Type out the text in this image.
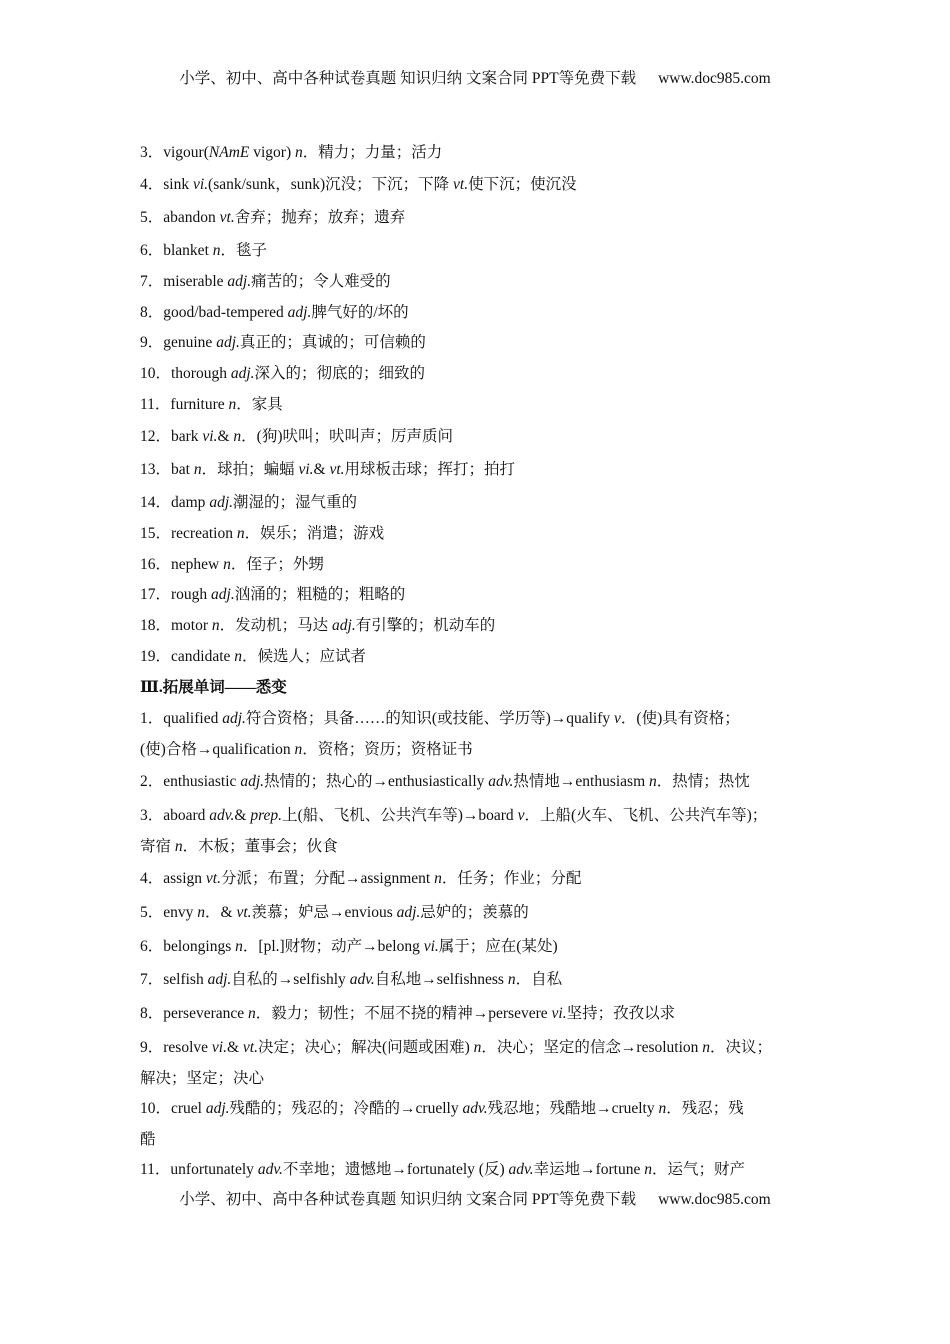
小学、初中、高中各种试卷真题 知识归纳 文案合同 PPT等免费下载 www.doc985.com
3．vigour(NAmE vigor) n．精力；力量；活力
4．sink vi.(sank/sunk，sunk)沉没；下沉；下降 vt.使下沉；使沉没
5．abandon vt.舍弃；抛弃；放弃；遗弃
6．blanket n．毯子
7．miserable adj.痛苦的；令人难受的
8．good/bad-tempered adj.脾气好的/坏的
9．genuine adj.真正的；真诚的；可信赖的
10．thorough adj.深入的；彻底的；细致的
11．furniture n．家具
12．bark vi.& n．(狗)吠叫；吠叫声；厉声质问
13．bat n．球拍；蝙蝠 vi.& vt.用球板击球；挥打；拍打
14．damp adj.潮湿的；湿气重的
15．recreation n．娱乐；消遣；游戏
16．nephew n．侄子；外甥
17．rough adj.汹涌的；粗糙的；粗略的
18．motor n．发动机；马达 adj.有引擎的；机动车的
19．candidate n．候选人；应试者
Ⅲ.拓展单词——悉变
1．qualified adj.符合资格；具备……的知识(或技能、学历等)→qualify v．(使)具有资格；
(使)合格→qualification n．资格；资历；资格证书
2．enthusiastic adj.热情的；热心的→enthusiastically adv.热情地→enthusiasm n．热情；热忱
3．aboard adv.& prep.上(船、飞机、公共汽车等)→board v．上船(火车、飞机、公共汽车等)；
寄宿 n．木板；董事会；伙食
4．assign vt.分派；布置；分配→assignment n．任务；作业；分配
5．envy n．& vt.羡慕；妒忌→envious adj.忌妒的；羡慕的
6．belongings n．[pl.]财物；动产→belong vi.属于；应在(某处)
7．selfish adj.自私的→selfishly adv.自私地→selfishness n．自私
8．perseverance n．毅力；韧性；不屈不挠的精神→persevere vi.坚持；孜孜以求
9．resolve vi.& vt.决定；决心；解决(问题或困难) n．决心；坚定的信念→resolution n．决议；
解决；坚定；决心
10．cruel adj.残酷的；残忍的；冷酷的→cruelly adv.残忍地；残酷地→cruelty n．残忍；残
酷
11．unfortunately adv.不幸地；遗憾地→fortunately (反) adv.幸运地→fortune n．运气；财产
小学、初中、高中各种试卷真题 知识归纳 文案合同 PPT等免费下载 www.doc985.com
